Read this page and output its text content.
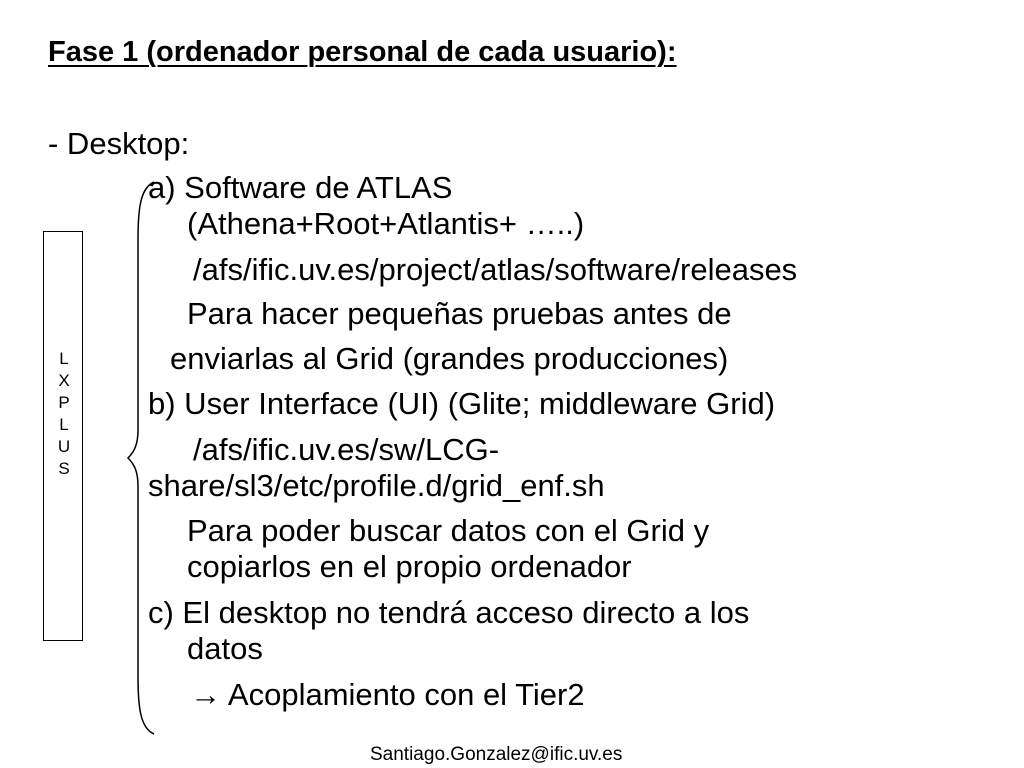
Fase 1 (ordenador personal de cada usuario):
- Desktop:
L
X
P
L
U
S
a) Software de ATLAS
(Athena+Root+Atlantis+ …..)
/afs/ific.uv.es/project/atlas/software/releases
Para hacer pequeñas pruebas antes de
enviarlas al Grid (grandes producciones)
b) User Interface (UI) (Glite; middleware Grid)
/afs/ific.uv.es/sw/LCG-
share/sl3/etc/profile.d/grid_enf.sh
Para poder buscar datos con el Grid y
copiarlos en el propio ordenador
c) El desktop no tendrá acceso directo a los
datos
→ Acoplamiento con el Tier2
Santiago.Gonzalez@ific.uv.es
